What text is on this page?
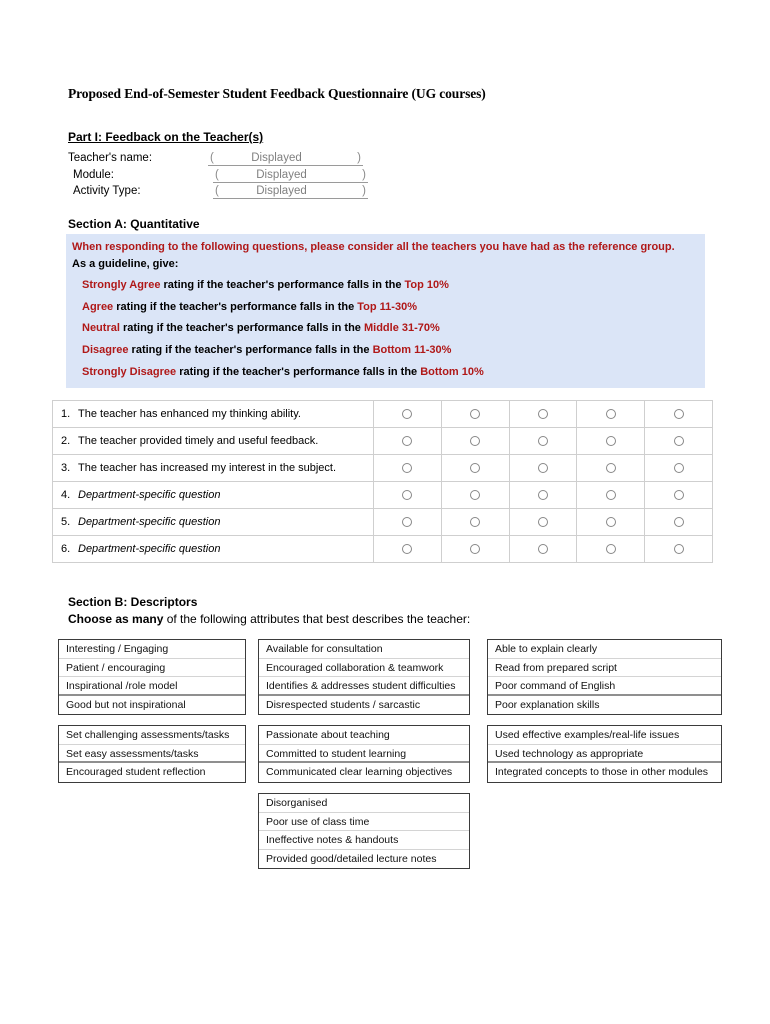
Proposed End-of-Semester Student Feedback Questionnaire (UG courses)
Part I: Feedback on the Teacher(s)
Teacher's name:	(	Displayed	)
Module:	(	Displayed	)
Activity Type:	(	Displayed	)
Section A: Quantitative
When responding to the following questions, please consider all the teachers you have had as the reference group.
As a guideline, give:
Strongly Agree rating if the teacher's performance falls in the Top 10%
Agree rating if the teacher's performance falls in the Top 11-30%
Neutral rating if the teacher's performance falls in the Middle 31-70%
Disagree rating if the teacher's performance falls in the Bottom 11-30%
Strongly Disagree rating if the teacher's performance falls in the Bottom 10%
1. The teacher has enhanced my thinking ability.					
2. The teacher provided timely and useful feedback.					
3. The teacher has increased my interest in the subject.					
4. Department-specific question					
5. Department-specific question					
6. Department-specific question					
Section B: Descriptors
Choose as many of the following attributes that best describes the teacher:
Interesting / Engaging
Patient / encouraging
Inspirational /role model
Good but not inspirational
Available for consultation
Encouraged collaboration & teamwork
Identifies & addresses student difficulties
Disrespected students / sarcastic
Able to explain clearly
Read from prepared script
Poor command of English
Poor explanation skills
Set challenging assessments/tasks
Set easy assessments/tasks
Encouraged student reflection
Passionate about teaching
Committed to student learning
Communicated clear learning objectives
Used effective examples/real-life issues
Used technology as appropriate
Integrated concepts to those in other modules
Disorganised
Poor use of class time
Ineffective notes & handouts
Provided good/detailed lecture notes
